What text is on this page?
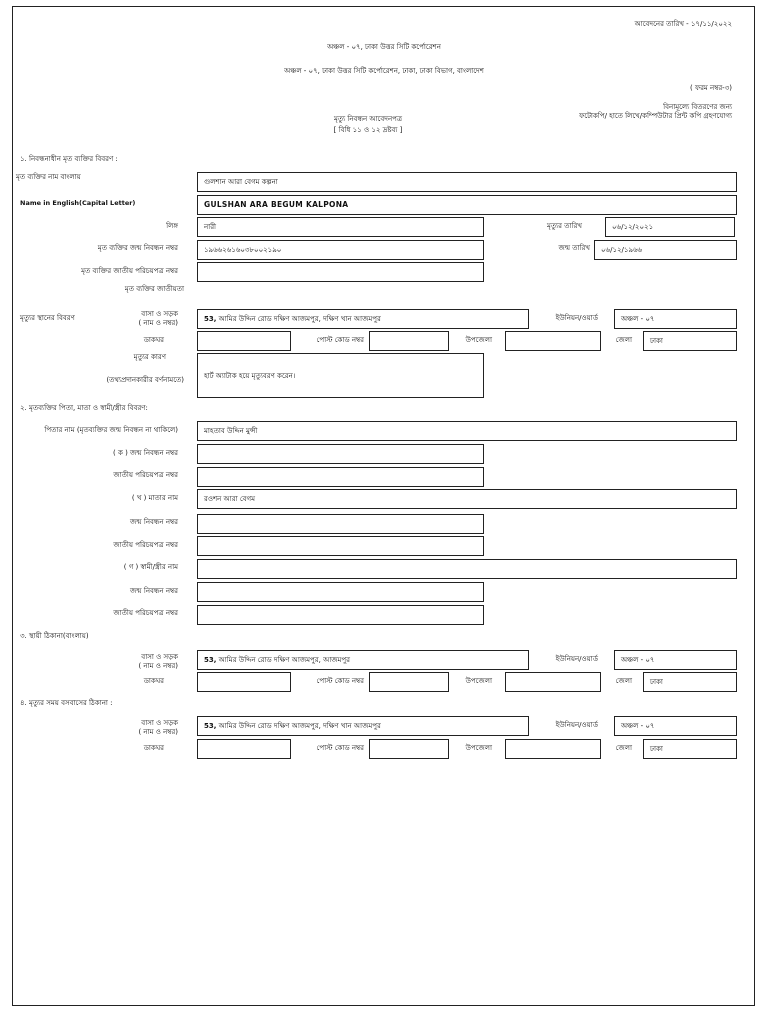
আবেদনের তারিখ - ১৭/১১/২০২২
অঞ্চল - ০৭, ঢাকা উত্তর সিটি কর্পোরেশন
অঞ্চল - ০৭, ঢাকা উত্তর সিটি কর্পোরেশন, ঢাকা, ঢাকা বিভাগ, বাংলাদেশ
( ফরম নম্বর-৩)
বিনামূল্যে বিতরণের জন্য
ফটোকপি/ হাতে লিখে/কম্পিউটার প্রিন্ট কপি গ্রহণযোগ্য
মৃত্যু নিবন্ধন আবেদনপত্র
[ বিধি ১১ ও ১২ দ্রষ্টব্য ]
১. নিবন্ধনাধীন মৃত ব্যক্তির বিবরণ :
মৃত ব্যক্তির নাম বাংলায়
গুলশান আরা বেগম কল্পনা
Name in English(Capital Letter)	GULSHAN ARA BEGUM KALPONA
লিঙ্গ	নারী	মৃত্যুর তারিখ	০৬/১২/২০২১
মৃত ব্যক্তির জন্ম নিবন্ধন নম্বর	১৯৬৬২৬১৬০৩৮০০২১৯০	জন্ম তারিখ	০৬/১২/১৯৬৬
মৃত ব্যক্তির জাতীয় পরিচয়পত্র নম্বর
মৃত ব্যক্তির জাতীয়তা
মৃত্যুর স্থানের বিবরণ	বাসা ও সড়ক
( নাম ও নম্বর)	53, আমির উদ্দিন রোড দক্ষিণ আজমপুর, দক্ষিণ খান আজমপুর	ইউনিয়ন/ওয়ার্ড	অঞ্চল - ০৭
ডাকঘর	পোস্ট কোড নম্বর	উপজেলা	জেলা	ঢাকা
মৃত্যুর কারণ
(তথ্যপ্রদানকারীর বর্ণনামতে)	হার্ট অ্যাটাক হয়ে মৃত্যুবরণ করেন।
২. মৃতব্যক্তির পিতা, মাতা ও স্বামী/স্ত্রীর বিবরণ:
পিতার নাম (মৃতব্যক্তির জন্ম নিবন্ধন না থাকিলে)	মাহতাব উদ্দিন মুন্সী
( ক ) জন্ম নিবন্ধন নম্বর
জাতীয় পরিচয়পত্র নম্বর
( খ ) মাতার নাম	রওশন আরা বেগম
জন্ম নিবন্ধন নম্বর
জাতীয় পরিচয়পত্র নম্বর
( গ ) স্বামী/স্ত্রীর নাম
জন্ম নিবন্ধন নম্বর
জাতীয় পরিচয়পত্র নম্বর
৩. স্থায়ী ঠিকানা(বাংলায়)
বাসা ও সড়ক
( নাম ও নম্বর)
53, আমির উদ্দিন রোড দক্ষিণ আজমপুর, আজমপুর	ইউনিয়ন/ওয়ার্ড	অঞ্চল - ০৭
ডাকঘর	পোস্ট কোড নম্বর	উপজেলা	জেলা	ঢাকা
৪. মৃত্যুর সময় বসবাসের ঠিকানা :
বাসা ও সড়ক
( নাম ও নম্বর)
53, আমির উদ্দিন রোড দক্ষিণ আজমপুর, দক্ষিণ খান আজমপুর	ইউনিয়ন/ওয়ার্ড	অঞ্চল - ০৭
ডাকঘর	পোস্ট কোড নম্বর	উপজেলা	জেলা	ঢাকা
